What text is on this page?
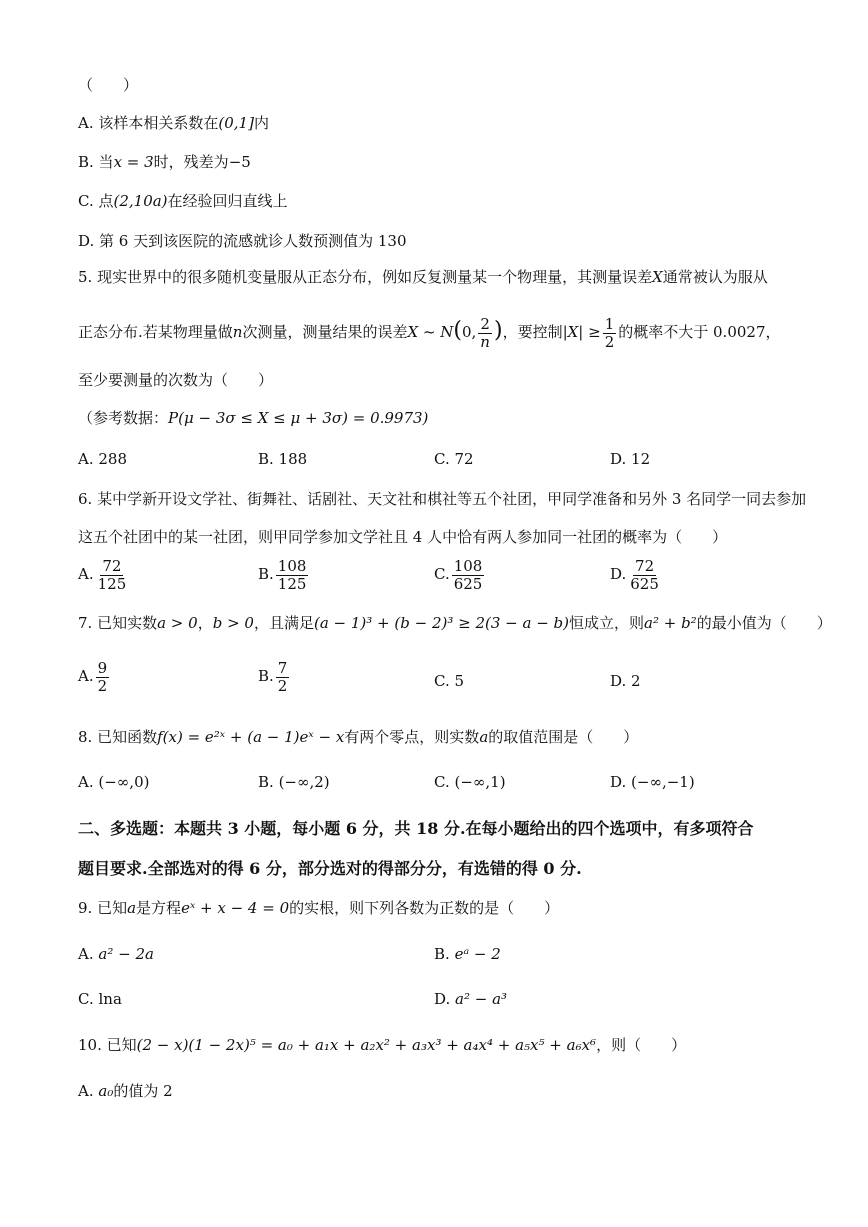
（　　）
A. 该样本相关系数在(0,1]内
B. 当x = 3时，残差为−5
C. 点(2,10a)在经验回归直线上
D. 第 6 天到该医院的流感就诊人数预测值为 130
5. 现实世界中的很多随机变量服从正态分布，例如反复测量某一个物理量，其测量误差X通常被认为服从
正态分布.若某物理量做n次测量，测量结果的误差X ~ N(0, $\frac{2}{n}$ )，要控制$|X| \ge \frac{1}{2}$ 的概率不大于 0.0027，
至少要测量的次数为（　　）
（参考数据：P(μ − 3σ ≤ X ≤ μ + 3σ) = 0.9973)
A. 288	B. 188	C. 72	D. 12
6. 某中学新开设文学社、街舞社、话剧社、天文社和棋社等五个社团，甲同学准备和另外 3 名同学一同去参加
这五个社团中的某一社团，则甲同学参加文学社且 4 人中恰有两人参加同一社团的概率为（　　）
A. $\frac{72}{125}$	B. $\frac{108}{125}$	C. $\frac{108}{625}$	D. $\frac{72}{625}$
7. 已知实数a > 0，b > 0，且满足(a − 1)³ + (b − 2)³ ≥ 2(3 − a − b)恒成立，则a² + b²的最小值为（　　）
A. $\frac{9}{2}$	B. $\frac{7}{2}$	C. 5	D. 2
8. 已知函数f(x) = e²ˣ + (a − 1)eˣ − x有两个零点，则实数a的取值范围是（　　）
A. (−∞,0)	B. (−∞,2)	C. (−∞,1)	D. (−∞,−1)
二、多选题：本题共 3 小题，每小题 6 分，共 18 分.在每小题给出的四个选项中，有多项符合
题目要求.全部选对的得 6 分，部分选对的得部分分，有选错的得 0 分.
9. 已知a是方程eˣ + x − 4 = 0的实根，则下列各数为正数的是（　　）
A. a² − 2a	B. eᵃ − 2
C. lna	D. a² − a³
10. 已知(2 − x)(1 − 2x)⁵ = a₀ + a₁x + a₂x² + a₃x³ + a₄x⁴ + a₅x⁵ + a₆x⁶，则（　　）
A. a₀的值为 2
